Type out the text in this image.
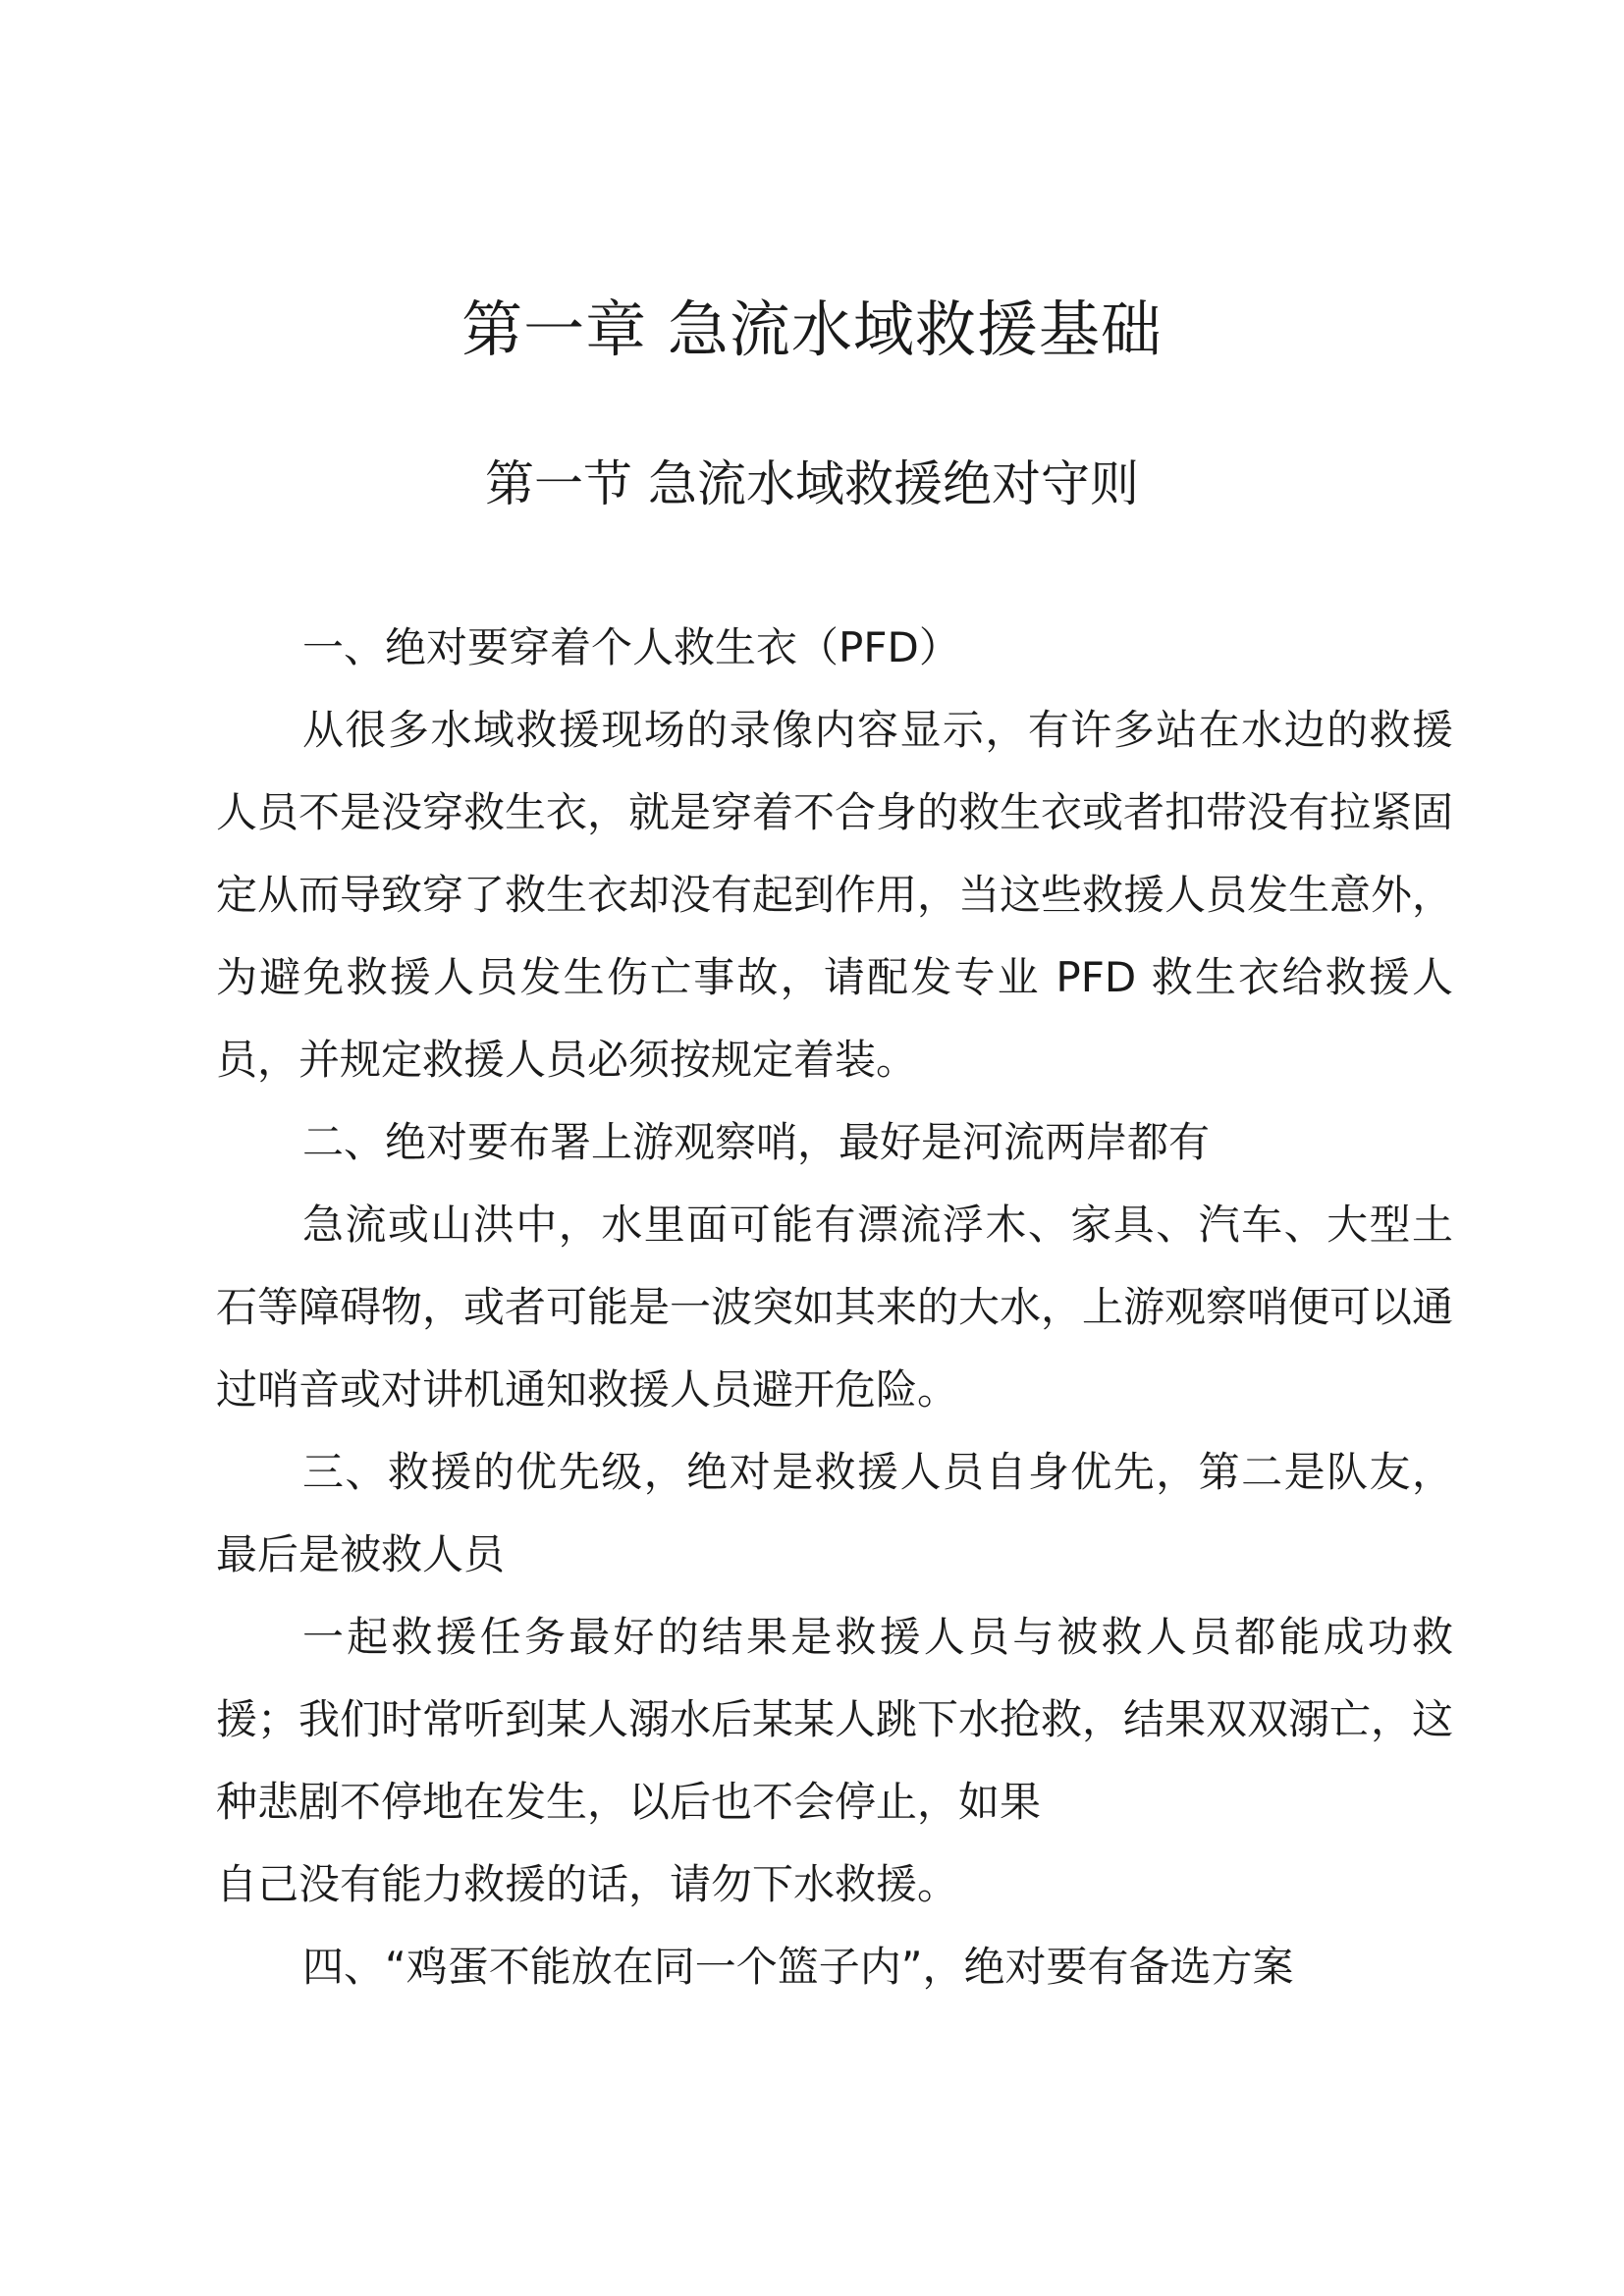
第一章 急流水域救援基础
第一节 急流水域救援绝对守则

一、绝对要穿着个人救生衣（PFD）

从很多水域救援现场的录像内容显示，有许多站在水边的救援人员不是没穿救生衣，就是穿着不合身的救生衣或者扣带没有拉紧固定从而导致穿了救生衣却没有起到作用，当这些救援人员发生意外，为避免救援人员发生伤亡事故，请配发专业 PFD 救生衣给救援人员，并规定救援人员必须按规定着装。

二、绝对要布署上游观察哨，最好是河流两岸都有

急流或山洪中，水里面可能有漂流浮木、家具、汽车、大型土石等障碍物，或者可能是一波突如其来的大水，上游观察哨便可以通过哨音或对讲机通知救援人员避开危险。

三、救援的优先级，绝对是救援人员自身优先，第二是队友，最后是被救人员

一起救援任务最好的结果是救援人员与被救人员都能成功救援；我们时常听到某人溺水后某某人跳下水抢救，结果双双溺亡，这种悲剧不停地在发生，以后也不会停止，如果

自己没有能力救援的话，请勿下水救援。

四、“鸡蛋不能放在同一个篮子内”，绝对要有备选方案
